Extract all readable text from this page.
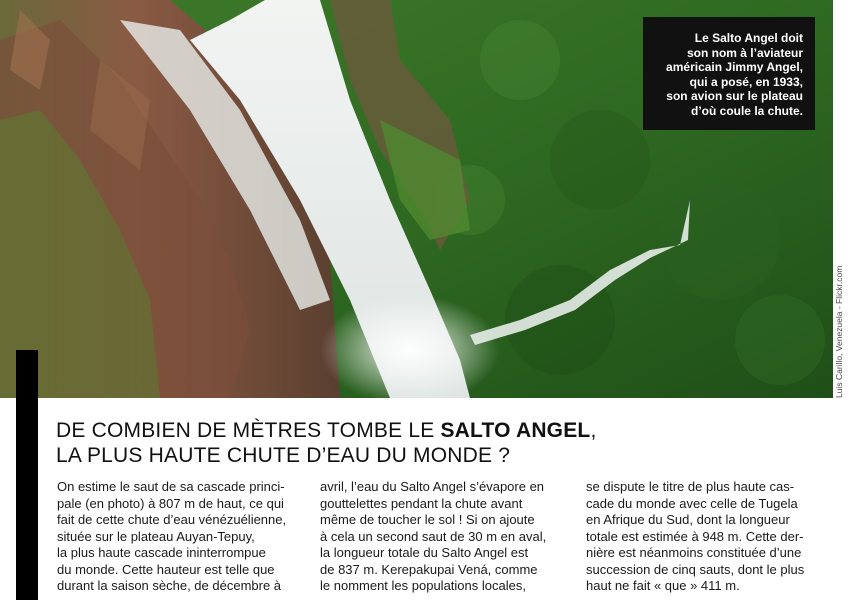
Le Salto Angel doit
son nom à l’aviateur
américain Jimmy Angel,
qui a posé, en 1933,
son avion sur le plateau
d’où coule la chute.
Luis Carillo, Venezuela - Flickr.com
DE COMBIEN DE MÈTRES TOMBE LE SALTO ANGEL,
LA PLUS HAUTE CHUTE D’EAU DU MONDE ?
On estime le saut de sa cascade princi-
pale (en photo) à 807 m de haut, ce qui
fait de cette chute d’eau vénézuélienne,
située sur le plateau Auyan-Tepuy,
la plus haute cascade ininterrompue
du monde. Cette hauteur est telle que
durant la saison sèche, de décembre à
avril, l’eau du Salto Angel s’évapore en
gouttelettes pendant la chute avant
même de toucher le sol ! Si on ajoute
à cela un second saut de 30 m en aval,
la longueur totale du Salto Angel est
de 837 m. Kerepakupai Vená, comme
le nomment les populations locales,
se dispute le titre de plus haute cas-
cade du monde avec celle de Tugela
en Afrique du Sud, dont la longueur
totale est estimée à 948 m. Cette der-
nière est néanmoins constituée d’une
succession de cinq sauts, dont le plus
haut ne fait « que » 411 m.
